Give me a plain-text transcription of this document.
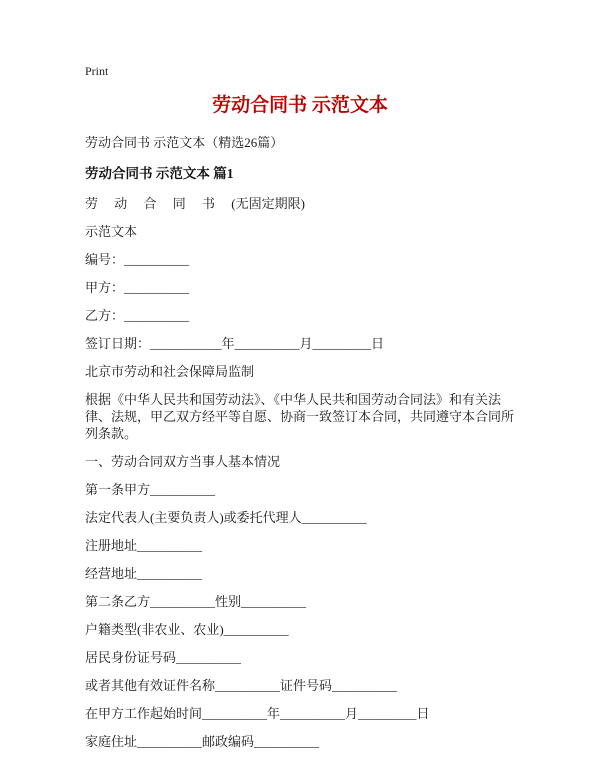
Print
劳动合同书 示范文本

劳动合同书 示范文本（精选26篇）

劳动合同书 示范文本 篇1

劳　 动　 合　 同　 书　 (无固定期限)

示范文本

编号：__________

甲方：__________

乙方：__________

签订日期：___________年__________月_________日

北京市劳动和社会保障局监制

根据《中华人民共和国劳动法》、《中华人民共和国劳动合同法》和有关法律、法规，甲乙双方经平等自愿、协商一致签订本合同，共同遵守本合同所列条款。

一、劳动合同双方当事人基本情况

第一条甲方__________

法定代表人(主要负责人)或委托代理人__________

注册地址__________

经营地址__________

第二条乙方__________性别__________

户籍类型(非农业、农业)__________

居民身份证号码__________

或者其他有效证件名称__________证件号码__________

在甲方工作起始时间__________年__________月_________日

家庭住址__________邮政编码__________
